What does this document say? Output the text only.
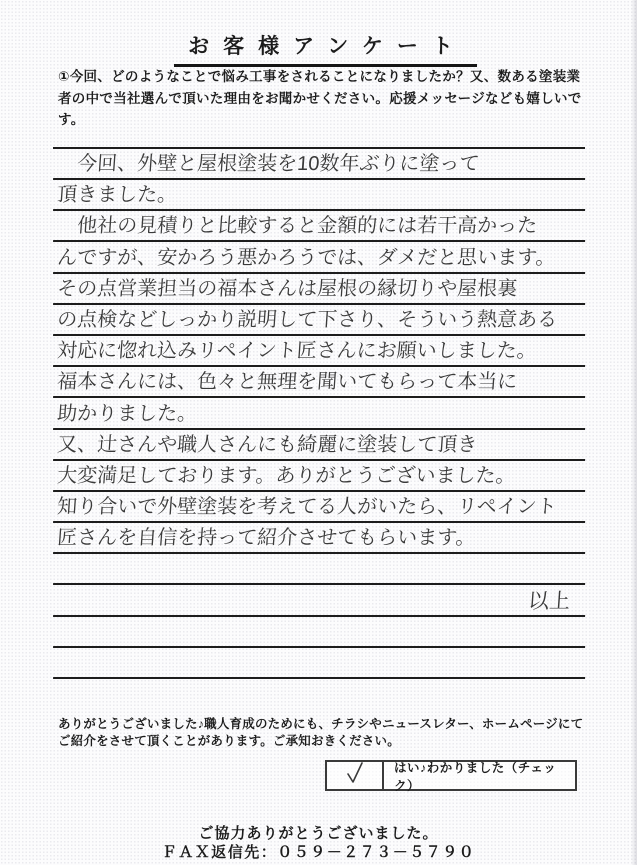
お客様アンケート
①今回、どのようなことで悩み工事をされることになりましたか？又、数ある塗装業者の中で当社選んで頂いた理由をお聞かせください。応援メッセージなども嬉しいです。
　今回、外壁と屋根塗装を10数年ぶりに塗って
頂きました。
　他社の見積りと比較すると金額的には若干高かった
んですが、安かろう悪かろうでは、ダメだと思います。
その点営業担当の福本さんは屋根の縁切りや屋根裏
の点検などしっかり説明して下さり、そういう熱意ある
対応に惚れ込みリペイント匠さんにお願いしました。
福本さんには、色々と無理を聞いてもらって本当に
助かりました。
又、辻さんや職人さんにも綺麗に塗装して頂き
大変満足しております。ありがとうございました。
知り合いで外壁塗装を考えてる人がいたら、リペイント
匠さんを自信を持って紹介させてもらいます。
以上
ありがとうございました♪職人育成のためにも、チラシやニュースレター、ホームページにてご紹介をさせて頂くことがあります。ご承知おきください。
はい♪わかりました（チェック）
ご協力ありがとうございました。
ＦＡＸ返信先：０５９－２７３－５７９０
